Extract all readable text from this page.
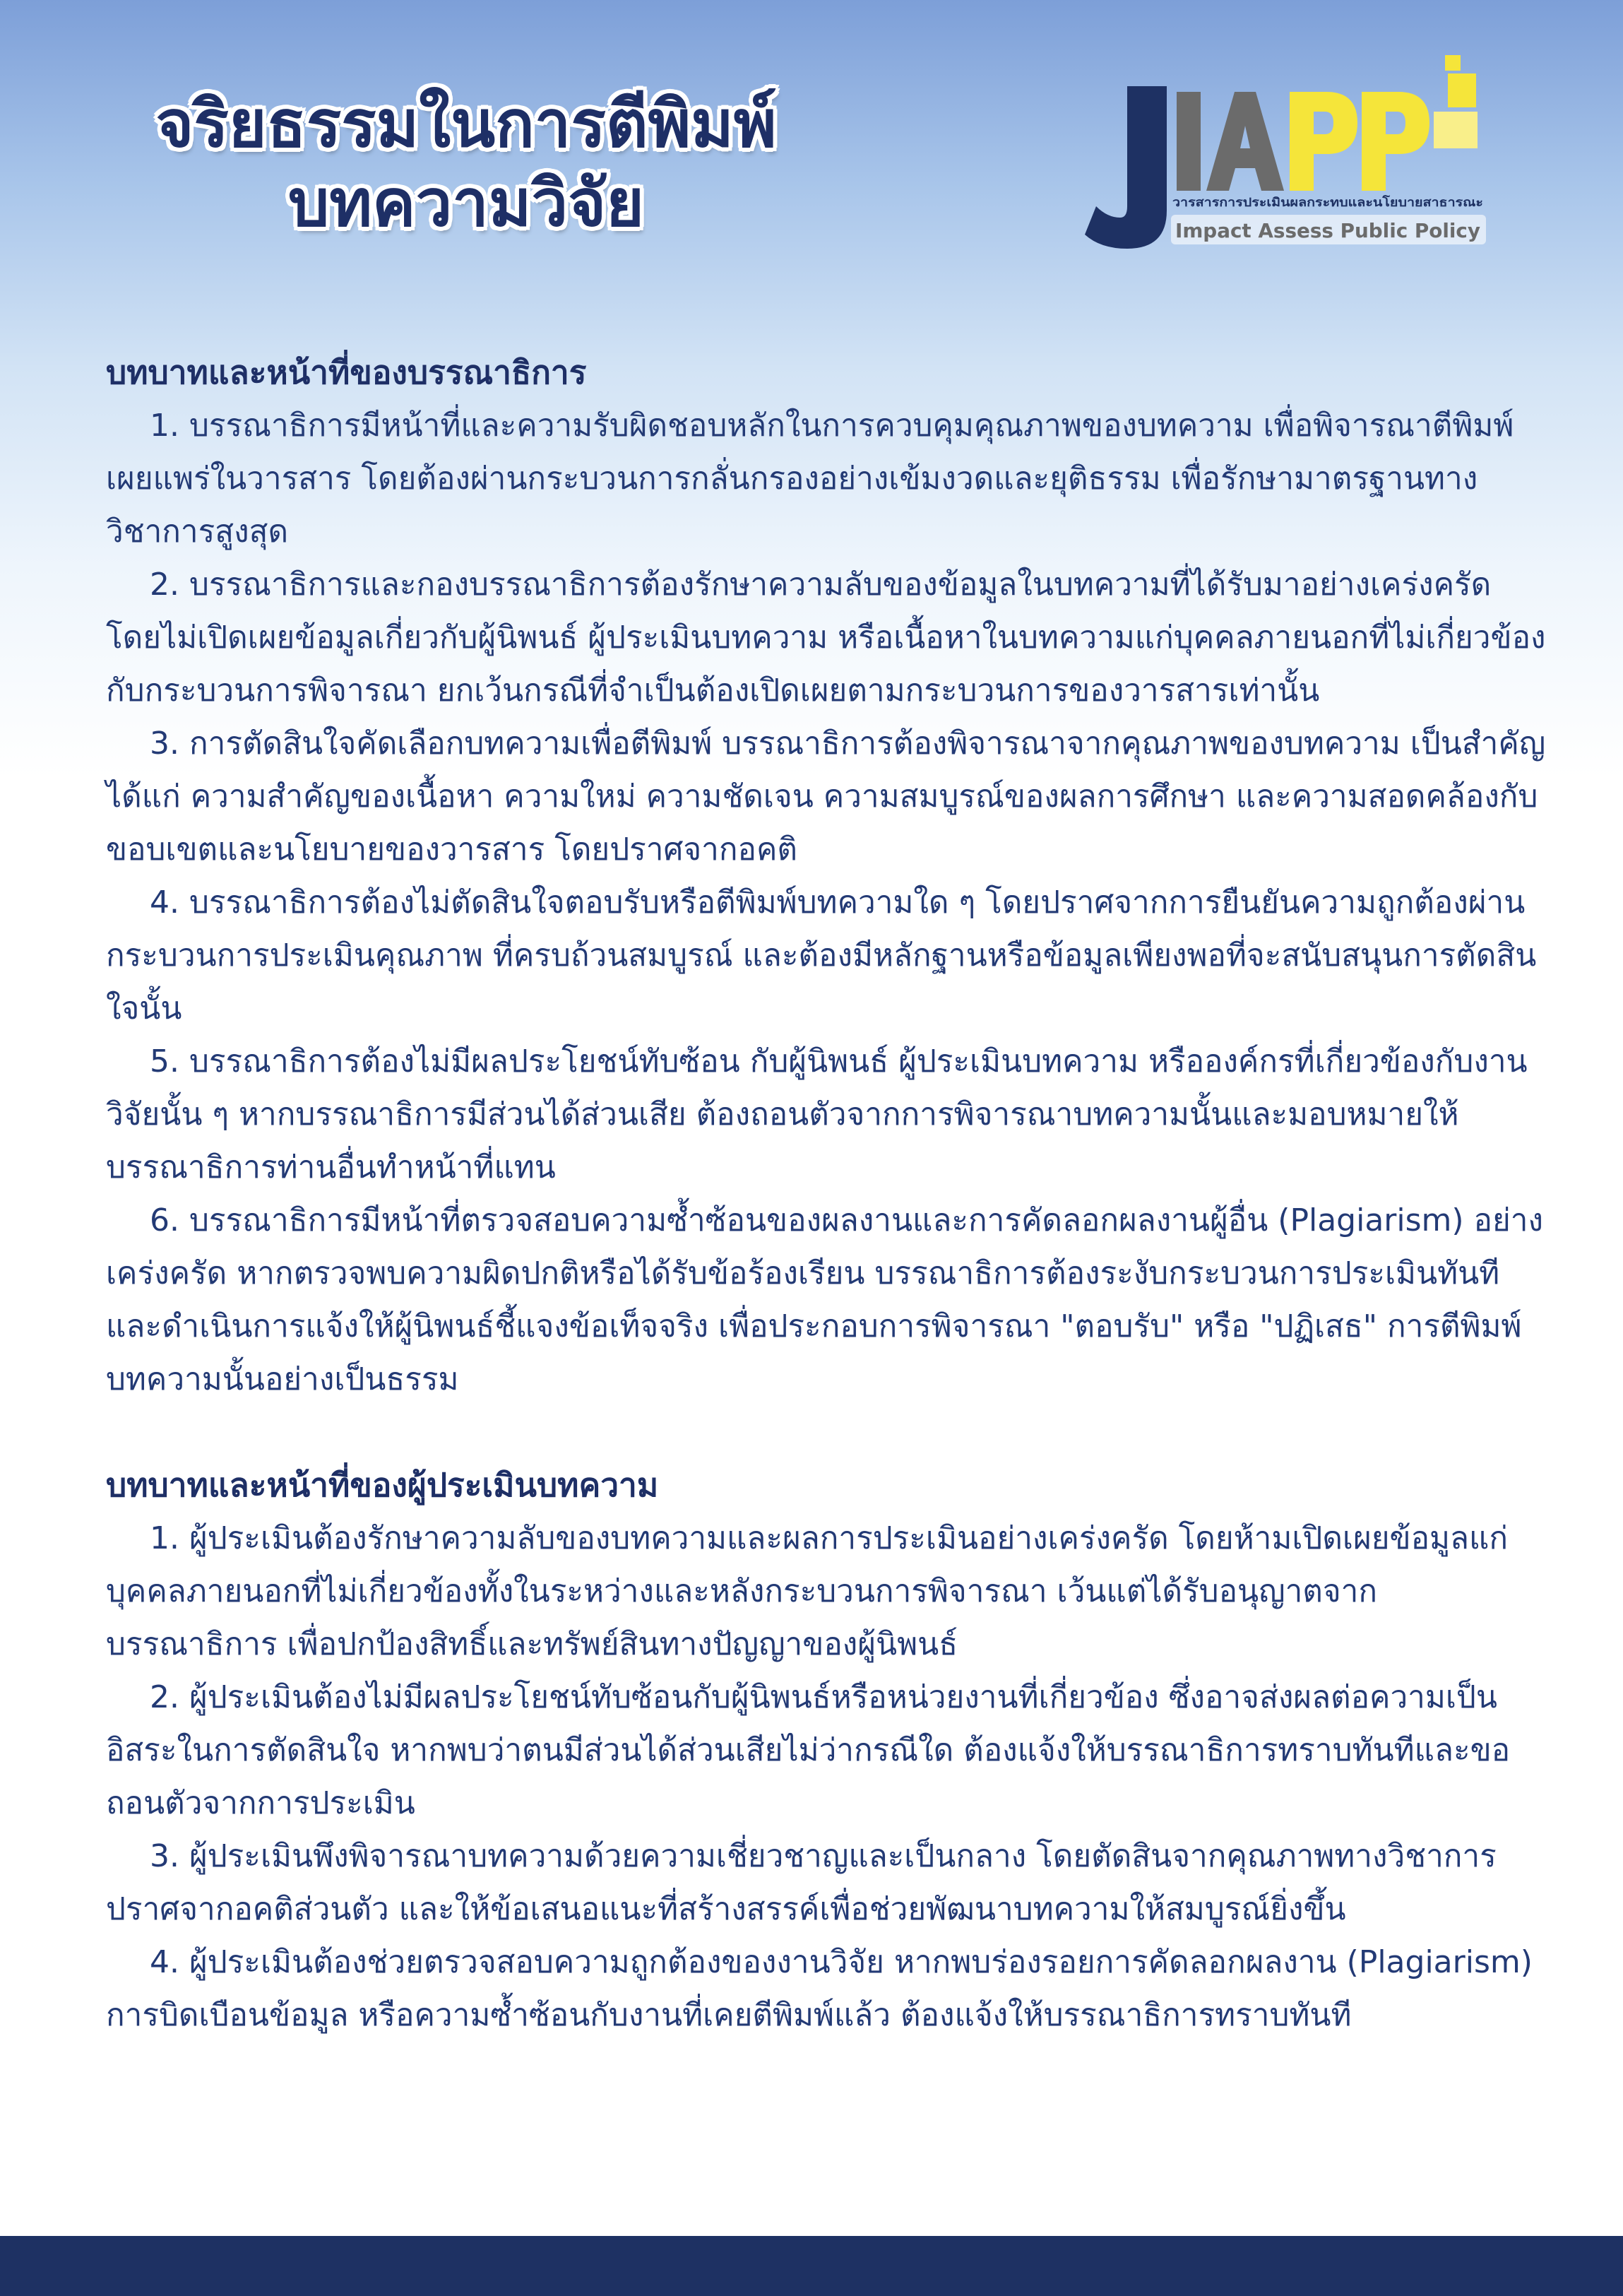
จริยธรรมในการตีพิมพ์
บทความวิจัย	วารสารการประเมินผลกระทบและนโยบายสาธารณะ
Impact Assess Public Policy
บทบาทและหน้าที่ของบรรณาธิการ

1. บรรณาธิการมีหน้าที่และความรับผิดชอบหลักในการควบคุมคุณภาพของบทความ เพื่อพิจารณาตีพิมพ์เผยแพร่ในวารสาร โดยต้องผ่านกระบวนการกลั่นกรองอย่างเข้มงวดและยุติธรรม เพื่อรักษามาตรฐานทางวิชาการสูงสุด

2. บรรณาธิการและกองบรรณาธิการต้องรักษาความลับของข้อมูลในบทความที่ได้รับมาอย่างเคร่งครัด โดยไม่เปิดเผยข้อมูลเกี่ยวกับผู้นิพนธ์ ผู้ประเมินบทความ หรือเนื้อหาในบทความแก่บุคคลภายนอกที่ไม่เกี่ยวข้องกับกระบวนการพิจารณา ยกเว้นกรณีที่จำเป็นต้องเปิดเผยตามกระบวนการของวารสารเท่านั้น

3. การตัดสินใจคัดเลือกบทความเพื่อตีพิมพ์ บรรณาธิการต้องพิจารณาจากคุณภาพของบทความ เป็นสำคัญ ได้แก่ ความสำคัญของเนื้อหา ความใหม่ ความชัดเจน ความสมบูรณ์ของผลการศึกษา และความสอดคล้องกับขอบเขตและนโยบายของวารสาร โดยปราศจากอคติ

4. บรรณาธิการต้องไม่ตัดสินใจตอบรับหรือตีพิมพ์บทความใด ๆ โดยปราศจากการยืนยันความถูกต้องผ่านกระบวนการประเมินคุณภาพ ที่ครบถ้วนสมบูรณ์ และต้องมีหลักฐานหรือข้อมูลเพียงพอที่จะสนับสนุนการตัดสินใจนั้น

5. บรรณาธิการต้องไม่มีผลประโยชน์ทับซ้อน กับผู้นิพนธ์ ผู้ประเมินบทความ หรือองค์กรที่เกี่ยวข้องกับงานวิจัยนั้น ๆ หากบรรณาธิการมีส่วนได้ส่วนเสีย ต้องถอนตัวจากการพิจารณาบทความนั้นและมอบหมายให้บรรณาธิการท่านอื่นทำหน้าที่แทน

6. บรรณาธิการมีหน้าที่ตรวจสอบความซ้ำซ้อนของผลงานและการคัดลอกผลงานผู้อื่น (Plagiarism) อย่างเคร่งครัด หากตรวจพบความผิดปกติหรือได้รับข้อร้องเรียน บรรณาธิการต้องระงับกระบวนการประเมินทันที และดำเนินการแจ้งให้ผู้นิพนธ์ชี้แจงข้อเท็จจริง เพื่อประกอบการพิจารณา "ตอบรับ" หรือ "ปฏิเสธ" การตีพิมพ์บทความนั้นอย่างเป็นธรรม

บทบาทและหน้าที่ของผู้ประเมินบทความ

1. ผู้ประเมินต้องรักษาความลับของบทความและผลการประเมินอย่างเคร่งครัด โดยห้ามเปิดเผยข้อมูลแก่บุคคลภายนอกที่ไม่เกี่ยวข้องทั้งในระหว่างและหลังกระบวนการพิจารณา เว้นแต่ได้รับอนุญาตจากบรรณาธิการ เพื่อปกป้องสิทธิ์และทรัพย์สินทางปัญญาของผู้นิพนธ์

2. ผู้ประเมินต้องไม่มีผลประโยชน์ทับซ้อนกับผู้นิพนธ์หรือหน่วยงานที่เกี่ยวข้อง ซึ่งอาจส่งผลต่อความเป็นอิสระในการตัดสินใจ หากพบว่าตนมีส่วนได้ส่วนเสียไม่ว่ากรณีใด ต้องแจ้งให้บรรณาธิการทราบทันทีและขอถอนตัวจากการประเมิน

3. ผู้ประเมินพึงพิจารณาบทความด้วยความเชี่ยวชาญและเป็นกลาง โดยตัดสินจากคุณภาพทางวิชาการ ปราศจากอคติส่วนตัว และให้ข้อเสนอแนะที่สร้างสรรค์เพื่อช่วยพัฒนาบทความให้สมบูรณ์ยิ่งขึ้น

4. ผู้ประเมินต้องช่วยตรวจสอบความถูกต้องของงานวิจัย หากพบร่องรอยการคัดลอกผลงาน (Plagiarism) การบิดเบือนข้อมูล หรือความซ้ำซ้อนกับงานที่เคยตีพิมพ์แล้ว ต้องแจ้งให้บรรณาธิการทราบทันที
